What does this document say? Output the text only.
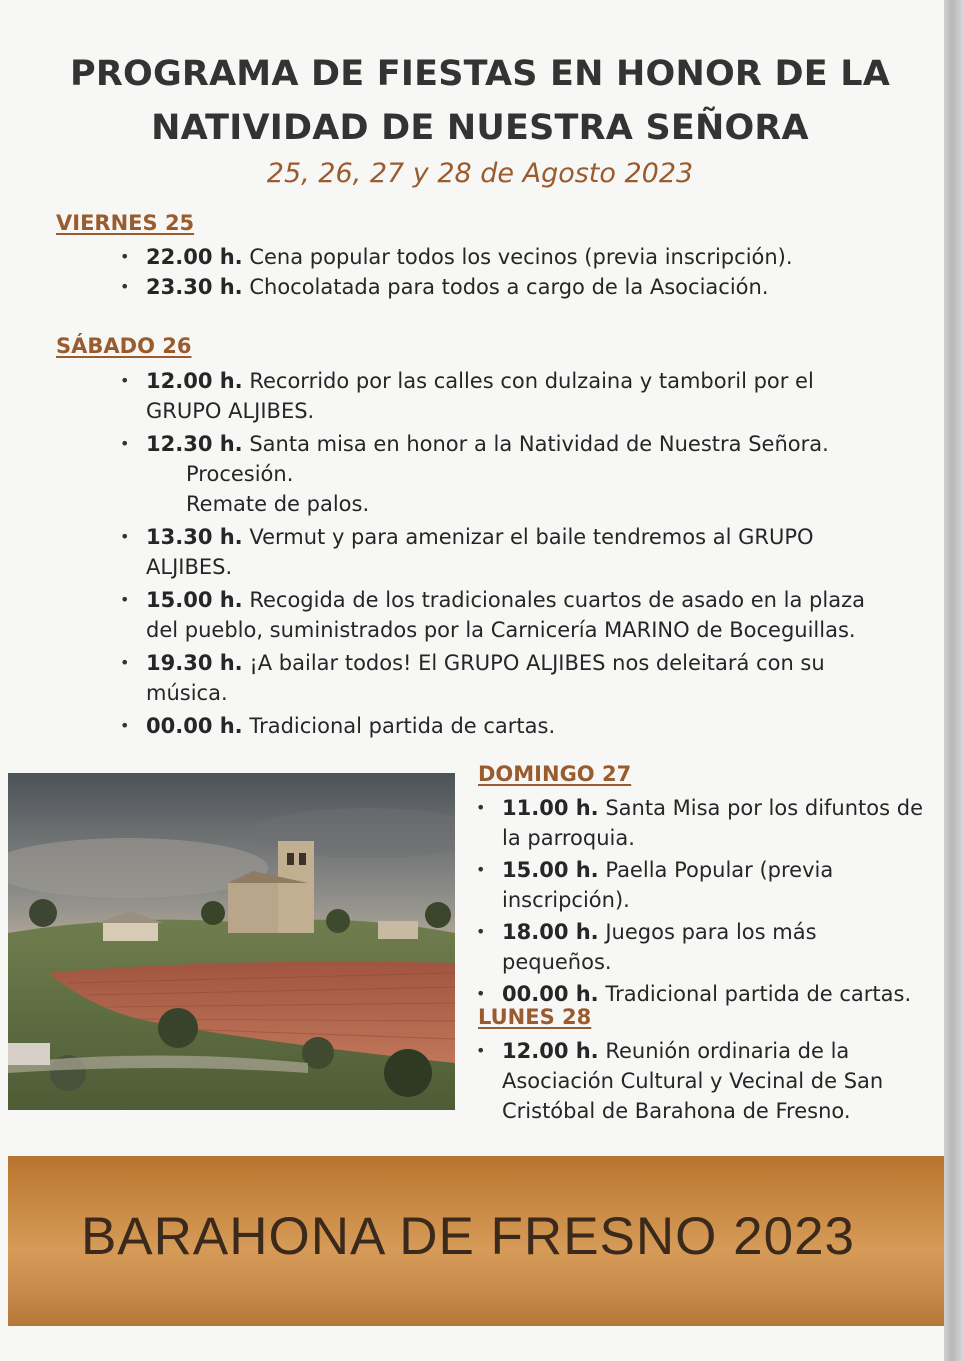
PROGRAMA DE FIESTAS EN HONOR DE LA
NATIVIDAD DE NUESTRA SEÑORA
25, 26, 27 y 28 de Agosto 2023
VIERNES 25
• 22.00 h. Cena popular todos los vecinos (previa inscripción).
• 23.30 h. Chocolatada para todos a cargo de la Asociación.
SÁBADO 26
• 12.00 h. Recorrido por las calles con dulzaina y tamboril por el GRUPO ALJIBES.
• 12.30 h. Santa misa en honor a la Natividad de Nuestra Señora.
Procesión.
Remate de palos.
• 13.30 h. Vermut y para amenizar el baile tendremos al GRUPO ALJIBES.
• 15.00 h. Recogida de los tradicionales cuartos de asado en la plaza del pueblo, suministrados por la Carnicería MARINO de Boceguillas.
• 19.30 h. ¡A bailar todos! El GRUPO ALJIBES nos deleitará con su música.
• 00.00 h. Tradicional partida de cartas.
DOMINGO 27
• 11.00 h. Santa Misa por los difuntos de la parroquia.
• 15.00 h. Paella Popular (previa inscripción).
• 18.00 h. Juegos para los más pequeños.
• 00.00 h. Tradicional partida de cartas.
LUNES 28
• 12.00 h. Reunión ordinaria de la Asociación Cultural y Vecinal de San Cristóbal de Barahona de Fresno.
BARAHONA DE FRESNO 2023
